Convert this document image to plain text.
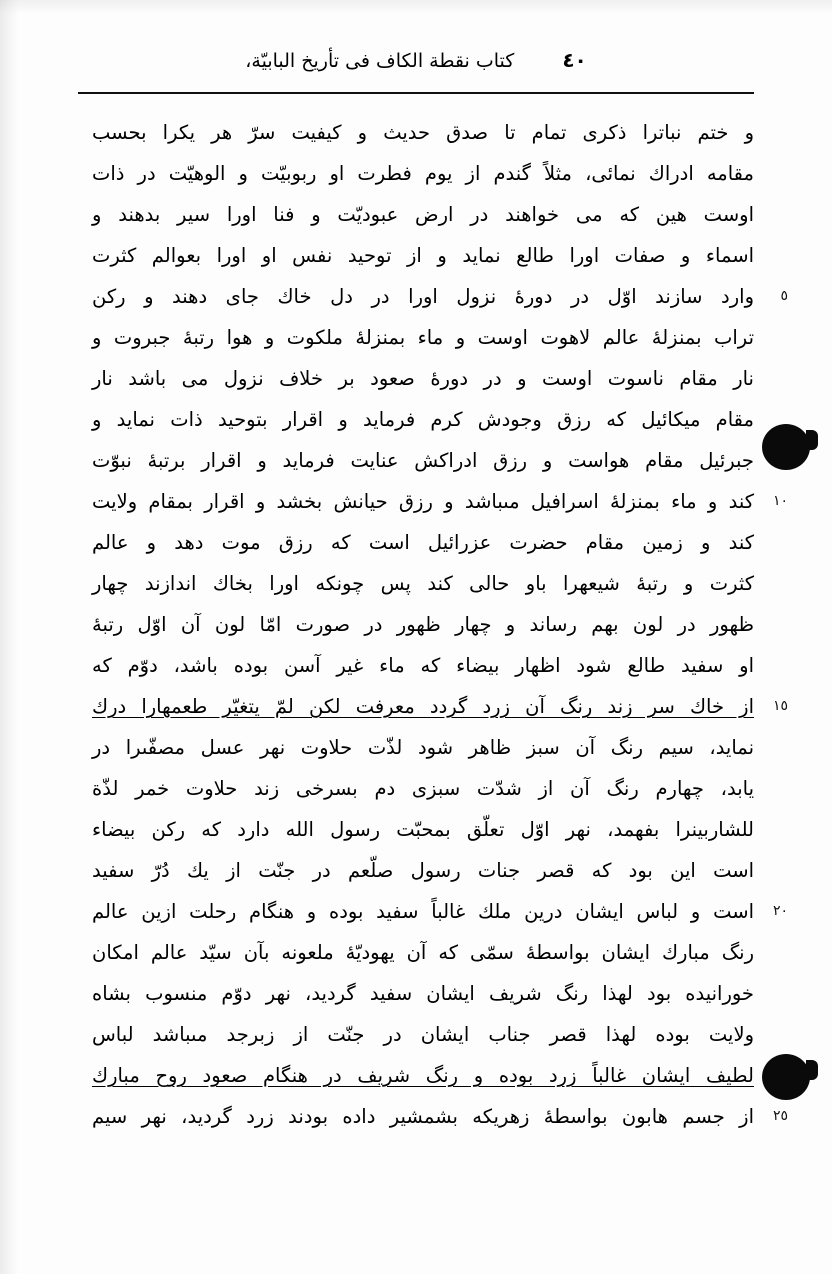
٤٠
كتاب نقطة الكاف فى تأريخ البابيّة،
و ختم نباترا ذكرى تمام تا صدق حديث و كيفيت سرّ هر يكرا بحسب
مقامه ادراك نمائى، مثلاً گندم از يوم فطرت او ربوبيّت و الوهيّت در ذات
اوست هين كه مى خواهند در ارض عبوديّت و فنا اورا سير بدهند و
اسماء و صفات اورا طالع نمايد و از توحيد نفس او اورا بعوالم كثرت
٥
وارد سازند اوّل در دورهٔ نزول اورا در دل خاك جاى دهند و ركن
تراب بمنزلهٔ عالم لاهوت اوست و ماء بمنزلهٔ ملكوت و هوا رتبهٔ جبروت و
نار مقام ناسوت اوست و در دورهٔ صعود بر خلاف نزول مى باشد نار
مقام ميكائيل كه رزق وجودش كرم فرمايد و اقرار بتوحيد ذات نمايد و
جبرئيل مقام هواست و رزق ادراكش عنايت فرمايد و اقرار برتبهٔ نبوّت
١٠
كند و ماء بمنزلهٔ اسرافيل مىباشد و رزق حيانش بخشد و اقرار بمقام ولايت
كند و زمين مقام حضرت عزرائيل است كه رزق موت دهد و عالم
كثرت و رتبهٔ شيعهرا باو حالى كند پس چونكه اورا بخاك اندازند چهار
ظهور در لون بهم رساند و چهار ظهور در صورت امّا لون آن اوّل رتبهٔ
او سفيد طالع شود اظهار بيضاء كه ماء غير آسن بوده باشد، دوّم كه
١٥
از خاك سر زند رنگ آن زرد گردد معرفت لكن لمّ يتغيّر طعمهارا درك
نمايد، سيم رنگ آن سبز ظاهر شود لذّت حلاوت نهر عسل مصفّىرا در
يابد، چهارم رنگ آن از شدّت سبزى دم بسرخى زند حلاوت خمر لذّة
للشاربينرا بفهمد، نهر اوّل تعلّق بمحبّت رسول الله دارد كه ركن بيضاء
است اين بود كه قصر جنات رسول صلّعم در جنّت از يك دُرّ سفيد
٢٠
است و لباس ايشان درين ملك غالباً سفيد بوده و هنگام رحلت ازين عالم
رنگ مبارك ايشان بواسطهٔ سمّى كه آن يهوديّهٔ ملعونه بآن سيّد عالم امكان
خورانيده بود لهذا رنگ شريف ايشان سفيد گرديد، نهر دوّم منسوب بشاه
ولايت بوده لهذا قصر جناب ايشان در جنّت از زبرجد مىباشد لباس
لطيف ايشان غالباً زرد بوده و رنگ شريف در هنگام صعود روح مبارك
٢٥
از جسم هابون بواسطهٔ زهريكه بشمشير داده بودند زرد گرديد، نهر سيم
